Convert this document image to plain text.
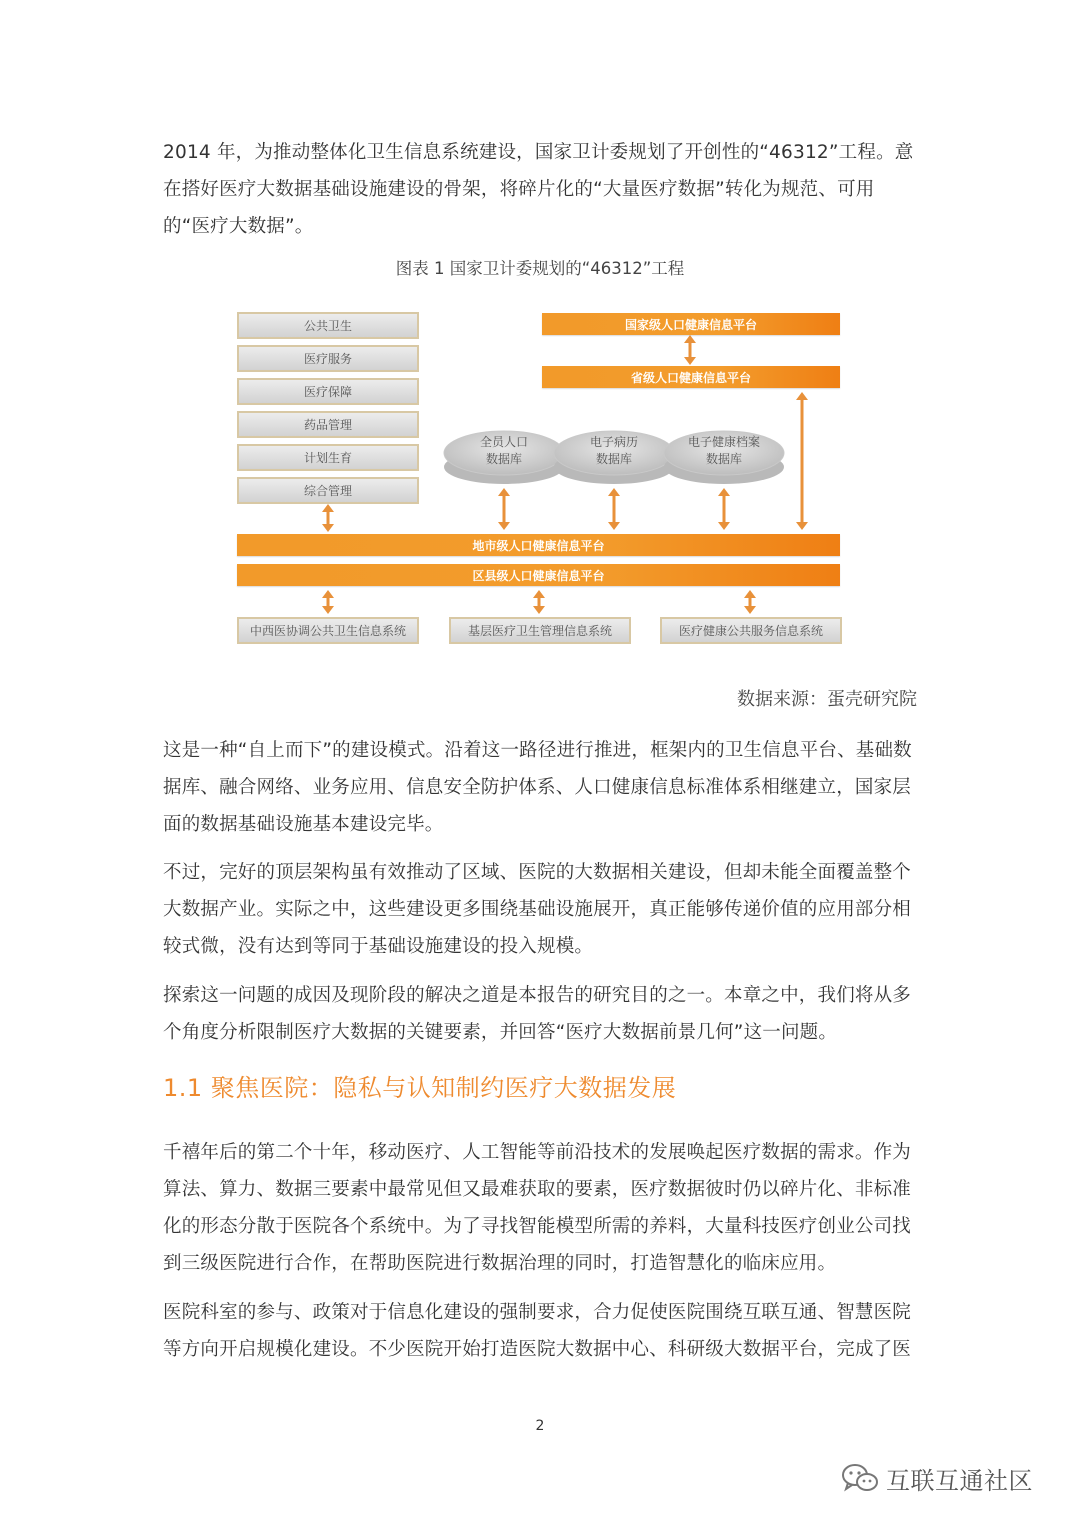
2014 年，为推动整体化卫生信息系统建设，国家卫计委规划了开创性的“46312”工程。意在搭好医疗大数据基础设施建设的骨架，将碎片化的“大量医疗数据”转化为规范、可用的“医疗大数据”。

图表 1 国家卫计委规划的“46312”工程
公共卫生
医疗服务
医疗保障
药品管理
计划生育
综合管理
国家级人口健康信息平台
省级人口健康信息平台
全员人口
数据库
电子病历
数据库
电子健康档案
数据库
地市级人口健康信息平台
区县级人口健康信息平台
中西医协调公共卫生信息系统	基层医疗卫生管理信息系统	医疗健康公共服务信息系统
数据来源：蛋壳研究院

这是一种“自上而下”的建设模式。沿着这一路径进行推进，框架内的卫生信息平台、基础数据库、融合网络、业务应用、信息安全防护体系、人口健康信息标准体系相继建立，国家层面的数据基础设施基本建设完毕。

不过，完好的顶层架构虽有效推动了区域、医院的大数据相关建设，但却未能全面覆盖整个大数据产业。实际之中，这些建设更多围绕基础设施展开，真正能够传递价值的应用部分相较式微，没有达到等同于基础设施建设的投入规模。

探索这一问题的成因及现阶段的解决之道是本报告的研究目的之一。本章之中，我们将从多个角度分析限制医疗大数据的关键要素，并回答“医疗大数据前景几何”这一问题。

1.1 聚焦医院：隐私与认知制约医疗大数据发展

千禧年后的第二个十年，移动医疗、人工智能等前沿技术的发展唤起医疗数据的需求。作为算法、算力、数据三要素中最常见但又最难获取的要素，医疗数据彼时仍以碎片化、非标准化的形态分散于医院各个系统中。为了寻找智能模型所需的养料，大量科技医疗创业公司找到三级医院进行合作，在帮助医院进行数据治理的同时，打造智慧化的临床应用。

医院科室的参与、政策对于信息化建设的强制要求，合力促使医院围绕互联互通、智慧医院等方向开启规模化建设。不少医院开始打造医院大数据中心、科研级大数据平台，完成了医

2
互联互通社区
